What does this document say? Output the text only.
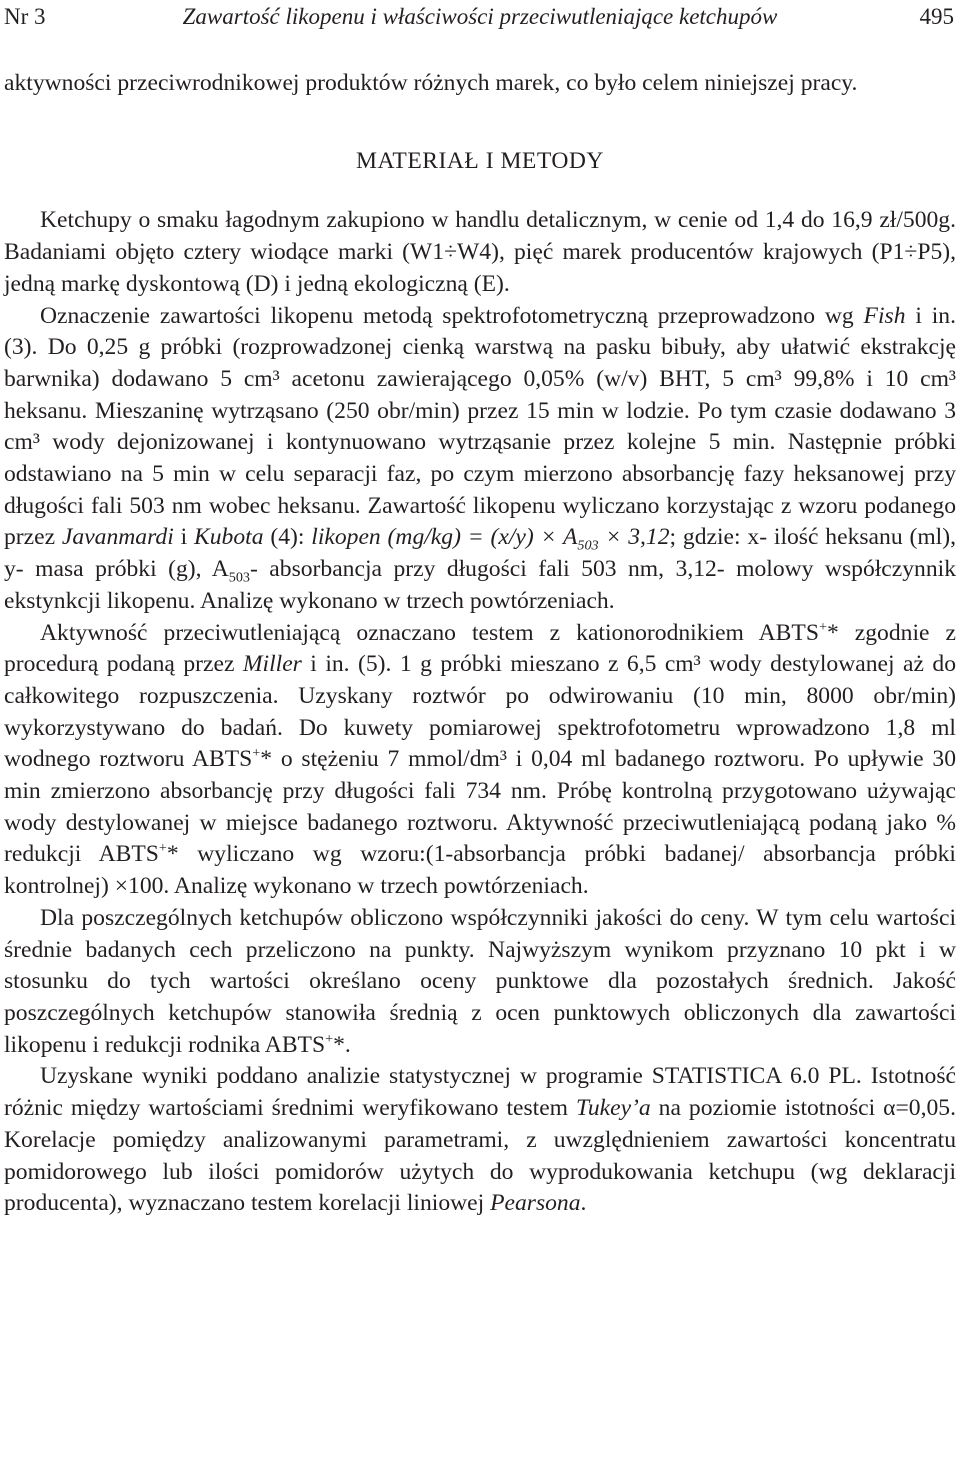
Nr 3	Zawartość likopenu i właściwości przeciwutleniające ketchupów	495

aktywności przeciwrodnikowej produktów różnych marek, co było celem niniejszej pracy.

MATERIAŁ I METODY

Ketchupy o smaku łagodnym zakupiono w handlu detalicznym, w cenie od 1,4 do 16,9 zł/500g. Badaniami objęto cztery wiodące marki (W1÷W4), pięć marek producentów krajowych (P1÷P5), jedną markę dyskontową (D) i jedną ekologiczną (E).

Oznaczenie zawartości likopenu metodą spektrofotometryczną przeprowadzono wg Fish i in. (3). Do 0,25 g próbki (rozprowadzonej cienką warstwą na pasku bibuły, aby ułatwić ekstrakcję barwnika) dodawano 5 cm³ acetonu zawierającego 0,05% (w/v) BHT, 5 cm³ 99,8% i 10 cm³ heksanu. Mieszaninę wytrząsano (250 obr/min) przez 15 min w lodzie. Po tym czasie dodawano 3 cm³ wody dejonizowanej i kontynuowano wytrząsanie przez kolejne 5 min. Następnie próbki odstawiano na 5 min w celu separacji faz, po czym mierzono absorbancję fazy heksanowej przy długości fali 503 nm wobec heksanu. Zawartość likopenu wyliczano korzystając z wzoru podanego przez Javanmardi i Kubota (4): likopen $(mg/kg) = (x/y) \times A_{503} \times 3,12$; gdzie: x- ilość heksanu (ml), y- masa próbki (g), $A_{503}-$ absorbancja przy długości fali 503 nm, 3,12- molowy współczynnik ekstynkcji likopenu. Analizę wykonano w trzech powtórzeniach.

Aktywność przeciwutleniającą oznaczano testem z kationorodnikiem ABTS+* zgodnie z procedurą podaną przez Miller i in. (5). 1 g próbki mieszano z 6,5 cm³ wody destylowanej aż do całkowitego rozpuszczenia. Uzyskany roztwór po odwirowaniu (10 min, 8000 obr/min) wykorzystywano do badań. Do kuwety pomiarowej spektrofotometru wprowadzono 1,8 ml wodnego roztworu ABTS+* o stężeniu 7 mmol/dm³ i 0,04 ml badanego roztworu. Po upływie 30 min zmierzono absorbancję przy długości fali 734 nm. Próbę kontrolną przygotowano używając wody destylowanej w miejsce badanego roztworu. Aktywność przeciwutleniającą podaną jako % redukcji ABTS+* wyliczano wg wzoru:(1-absorbancja próbki badanej/ absorbancja próbki kontrolnej) ×100. Analizę wykonano w trzech powtórzeniach.

Dla poszczególnych ketchupów obliczono współczynniki jakości do ceny. W tym celu wartości średnie badanych cech przeliczono na punkty. Najwyższym wynikom przyznano 10 pkt i w stosunku do tych wartości określano oceny punktowe dla pozostałych średnich. Jakość poszczególnych ketchupów stanowiła średnią z ocen punktowych obliczonych dla zawartości likopenu i redukcji rodnika ABTS+*.

Uzyskane wyniki poddano analizie statystycznej w programie STATISTICA 6.0 PL. Istotność różnic między wartościami średnimi weryfikowano testem Tukey’a na poziomie istotności α=0,05. Korelacje pomiędzy analizowanymi parametrami, z uwzględnieniem zawartości koncentratu pomidorowego lub ilości pomidorów użytych do wyprodukowania ketchupu (wg deklaracji producenta), wyznaczano testem korelacji liniowej Pearsona.
